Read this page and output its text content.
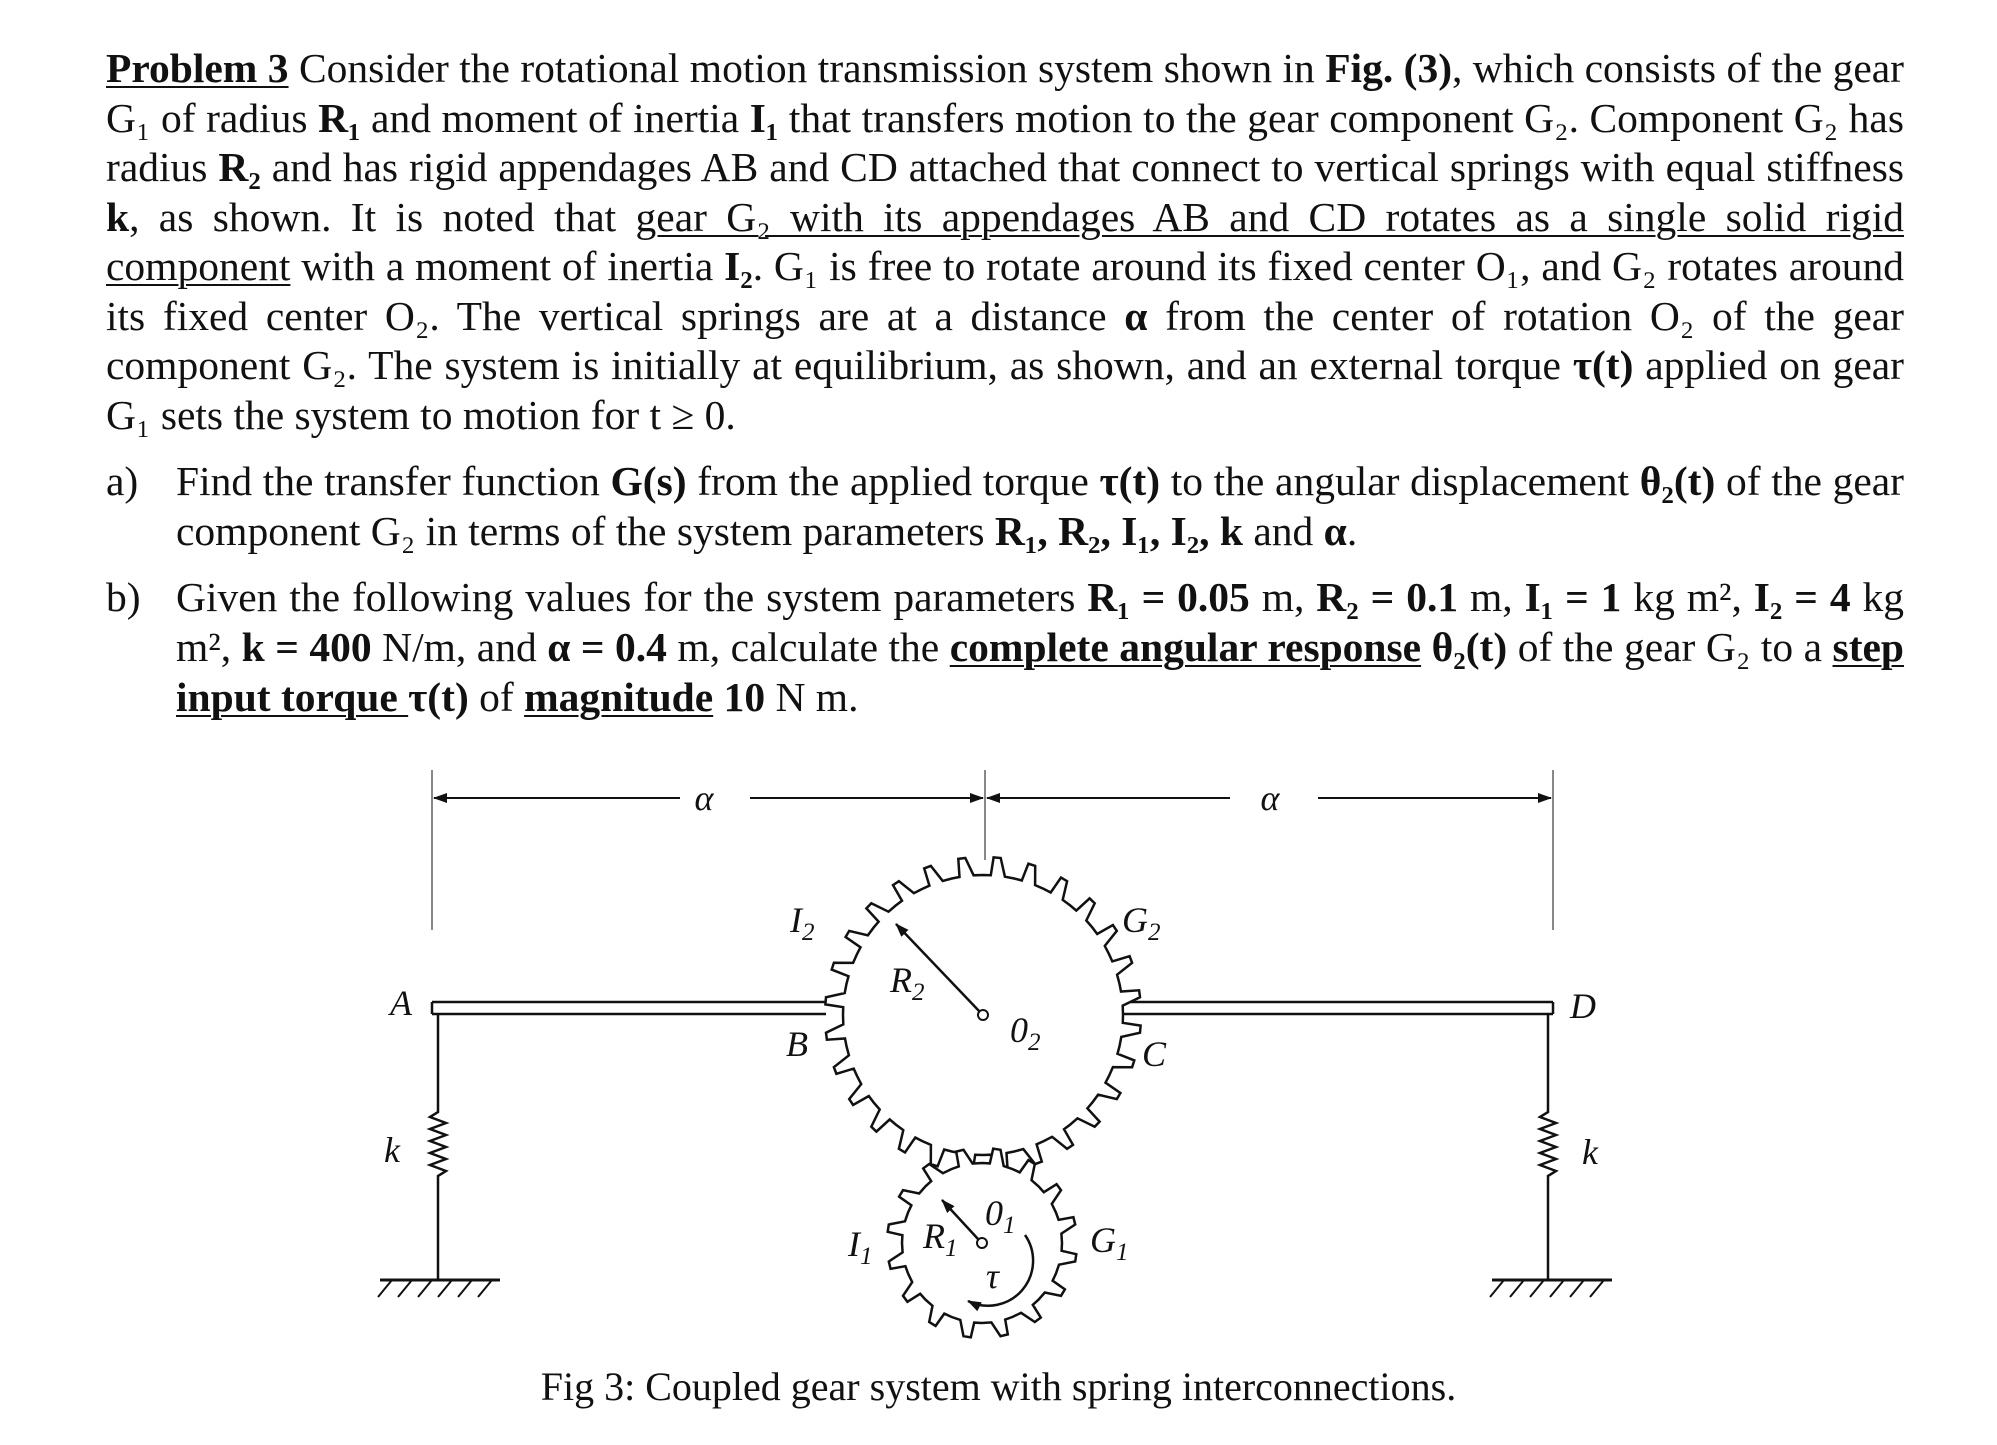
Problem 3 Consider the rotational motion transmission system shown in Fig. (3), which consists of the gear G₁ of radius R₁ and moment of inertia I₁ that transfers motion to the gear component G₂. Component G₂ has radius R₂ and has rigid appendages AB and CD attached that connect to vertical springs with equal stiffness k, as shown. It is noted that gear G₂ with its appendages AB and CD rotates as a single solid rigid component with a moment of inertia I₂. G₁ is free to rotate around its fixed center O₁, and G₂ rotates around its fixed center O₂. The vertical springs are at a distance α from the center of rotation O₂ of the gear component G₂. The system is initially at equilibrium, as shown, and an external torque τ(t) applied on gear G₁ sets the system to motion for t ≥ 0.

a) Find the transfer function G(s) from the applied torque τ(t) to the angular displacement θ₂(t) of the gear component G₂ in terms of the system parameters R₁, R₂, I₁, I₂, k and α.
b) Given the following values for the system parameters R₁ = 0.05 m, R₂ = 0.1 m, I₁ = 1 kg m², I₂ = 4 kg m², k = 400 N/m, and α = 0.4 m, calculate the complete angular response θ₂(t) of the gear G₂ to a step input torque τ(t) of magnitude 10 N m.
α	α
$I_2$	$G_2$
$R_2$
$0_2$
A
B	C
D
k	k
$I_1$
$R_1$
$0_1$
τ
$G_1$
Fig 3: Coupled gear system with spring interconnections.
